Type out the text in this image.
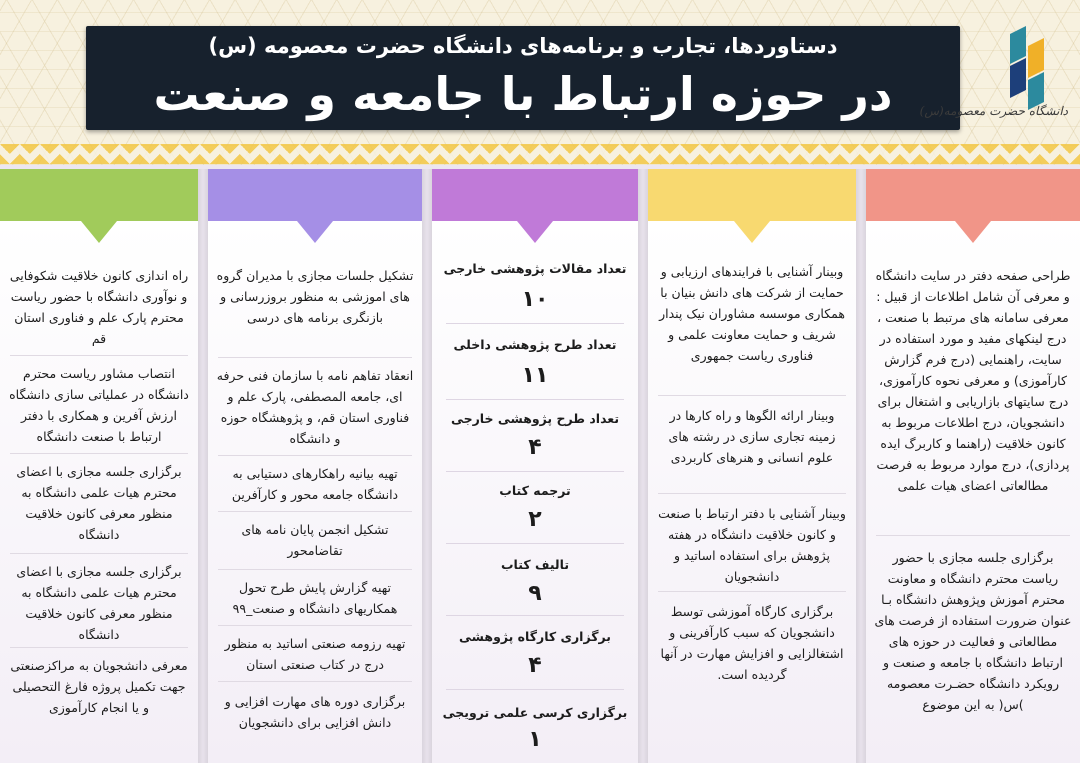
دستاوردها، تجارب و برنامه‌های دانشگاه حضرت معصومه (س)
در حوزه ارتباط با جامعه و صنعت	دانشگاه حضرت معصومه(س)
طراحی صفحه دفتر در سایت دانشگاه و معرفی آن شامل اطلاعات از قبیل : معرفی سامانه های مرتبط با صنعت ، درج لینکهای مفید و مورد استفاده در سایت، راهنمایی (درج فرم گزارش کارآموزی) و معرفی نحوه کارآموزی، درج سایتهای بازاریابی و اشتغال برای دانشجویان، درج اطلاعات مربوط به کانون خلاقیت (راهنما و کاربرگ ایده پردازی)، درج موارد مربوط به فرصت مطالعاتی اعضای هیات علمی
برگزاری جلسه مجازی با حضور ریاست محترم دانشگاه و معاونت محترم آموزش وپژوهش دانشگاه بـا عنوان ضرورت استفاده از فرصت های مطالعاتی و فعالیت در حوزه های ارتباط دانشگاه با جامعه و صنعت و رویکرد دانشگاه حضـرت معصومه )س( به این موضوع
وبینار آشنایی با فرایندهای ارزیابی و حمایت از شرکت های دانش بنیان با همکاری موسسه مشاوران نیک پندار شریف و حمایت معاونت علمی و فناوری ریاست جمهوری
وبینار ارائه الگوها و راه کارها در زمینه تجاری سازی در رشته های علوم انسانی و هنرهای کاربردی
وبینار آشنایی با دفتر ارتباط با صنعت و کانون خلاقیت دانشگاه در هفته پژوهش برای استفاده اساتید و دانشجویان
برگزاری کارگاه آموزشی توسط دانشجویان که سبب کارآفرینی و اشتغالزایی و افزایش مهارت در آنها گردیده است.
تعداد مقالات پژوهشی خارجی
۱۰
تعداد طرح پژوهشی داخلی
۱۱
تعداد طرح پژوهشی خارجی
۴
ترجمه کتاب
۲
تالیف کتاب
۹
برگزاری کارگاه پژوهشی
۴
برگزاری کرسی علمی ترویجی
۱
تشکیل جلسات مجازی با مدیران گروه های اموزشی به منظور بروزرسانی و بازنگری برنامه های درسی
انعقاد تفاهم نامه با سازمان فنی حرفه ای، جامعه المصطفی، پارک علم و فناوری استان قم، و پژوهشگاه حوزه و دانشگاه
تهیه بیانیه راهکارهای دستیابی به دانشگاه جامعه محور و کارآفرین
تشکیل انجمن پایان نامه های تقاضامحور
تهیه گزارش پایش طرح تحول همکاریهای دانشگاه و صنعت_۹۹
تهیه رزومه صنعتی اساتید به منظور درج در کتاب صنعتی استان
برگزاری دوره های مهارت افزایی و دانش افزایی برای دانشجویان
راه اندازی کانون خلاقیت شکوفایی و نوآوری دانشگاه با حضور ریاست محترم پارک علم و فناوری استان قم
انتصاب مشاور ریاست محترم دانشگاه در عملیاتی سازی دانشگاه ارزش آفرین و همکاری با دفتر ارتباط با صنعت دانشگاه
برگزاری جلسه مجازی با اعضای محترم هیات علمی دانشگاه به منظور معرفی کانون خلاقیت دانشگاه
برگزاری جلسه مجازی با اعضای محترم هیات علمی دانشگاه به منظور معرفی کانون خلاقیت دانشگاه
معرفی دانشجویان به مراکزصنعتی جهت تکمیل پروژه فارغ التحصیلی و یا انجام کارآموزی
